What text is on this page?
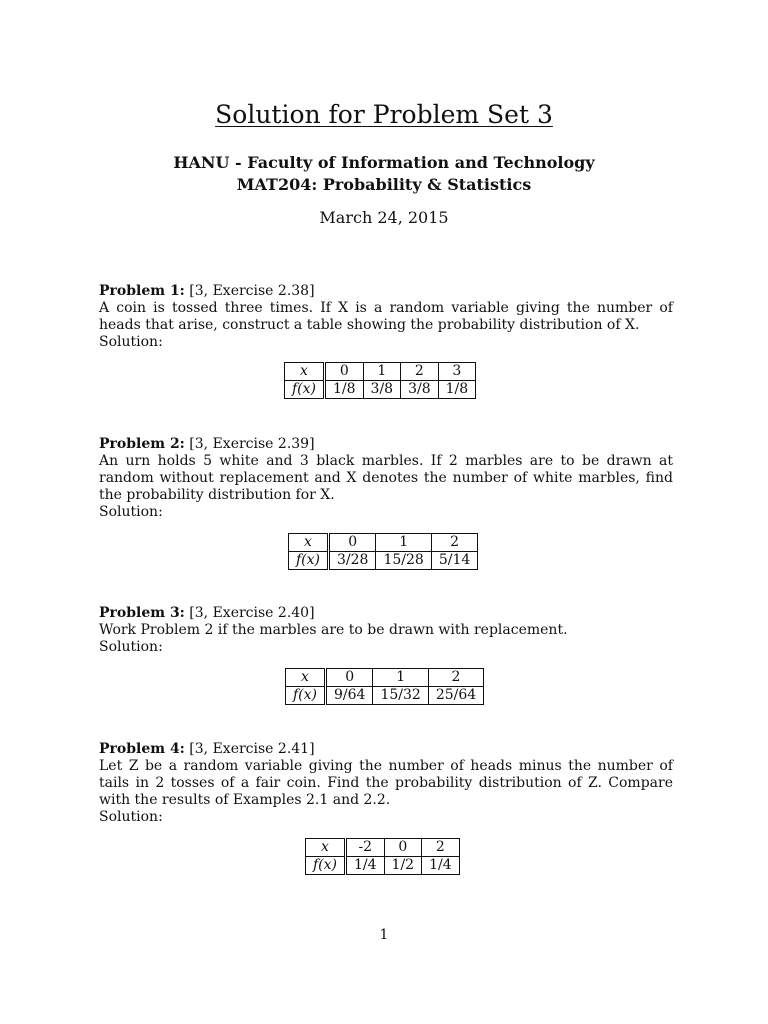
Solution for Problem Set 3
HANU - Faculty of Information and Technology
MAT204: Probability & Statistics
March 24, 2015
Problem 1: [3, Exercise 2.38]
A coin is tossed three times. If X is a random variable giving the number of heads that arise, construct a table showing the probability distribution of X.
Solution:
x	0	1	2	3
f(x)	1/8	3/8	3/8	1/8
Problem 2: [3, Exercise 2.39]
An urn holds 5 white and 3 black marbles. If 2 marbles are to be drawn at random without replacement and X denotes the number of white marbles, find the probability distribution for X.
Solution:
x	0	1	2
f(x)	3/28	15/28	5/14
Problem 3: [3, Exercise 2.40]
Work Problem 2 if the marbles are to be drawn with replacement.
Solution:
x	0	1	2
f(x)	9/64	15/32	25/64
Problem 4: [3, Exercise 2.41]
Let Z be a random variable giving the number of heads minus the number of tails in 2 tosses of a fair coin. Find the probability distribution of Z. Compare with the results of Examples 2.1 and 2.2.
Solution:
x	-2	0	2
f(x)	1/4	1/2	1/4
1
